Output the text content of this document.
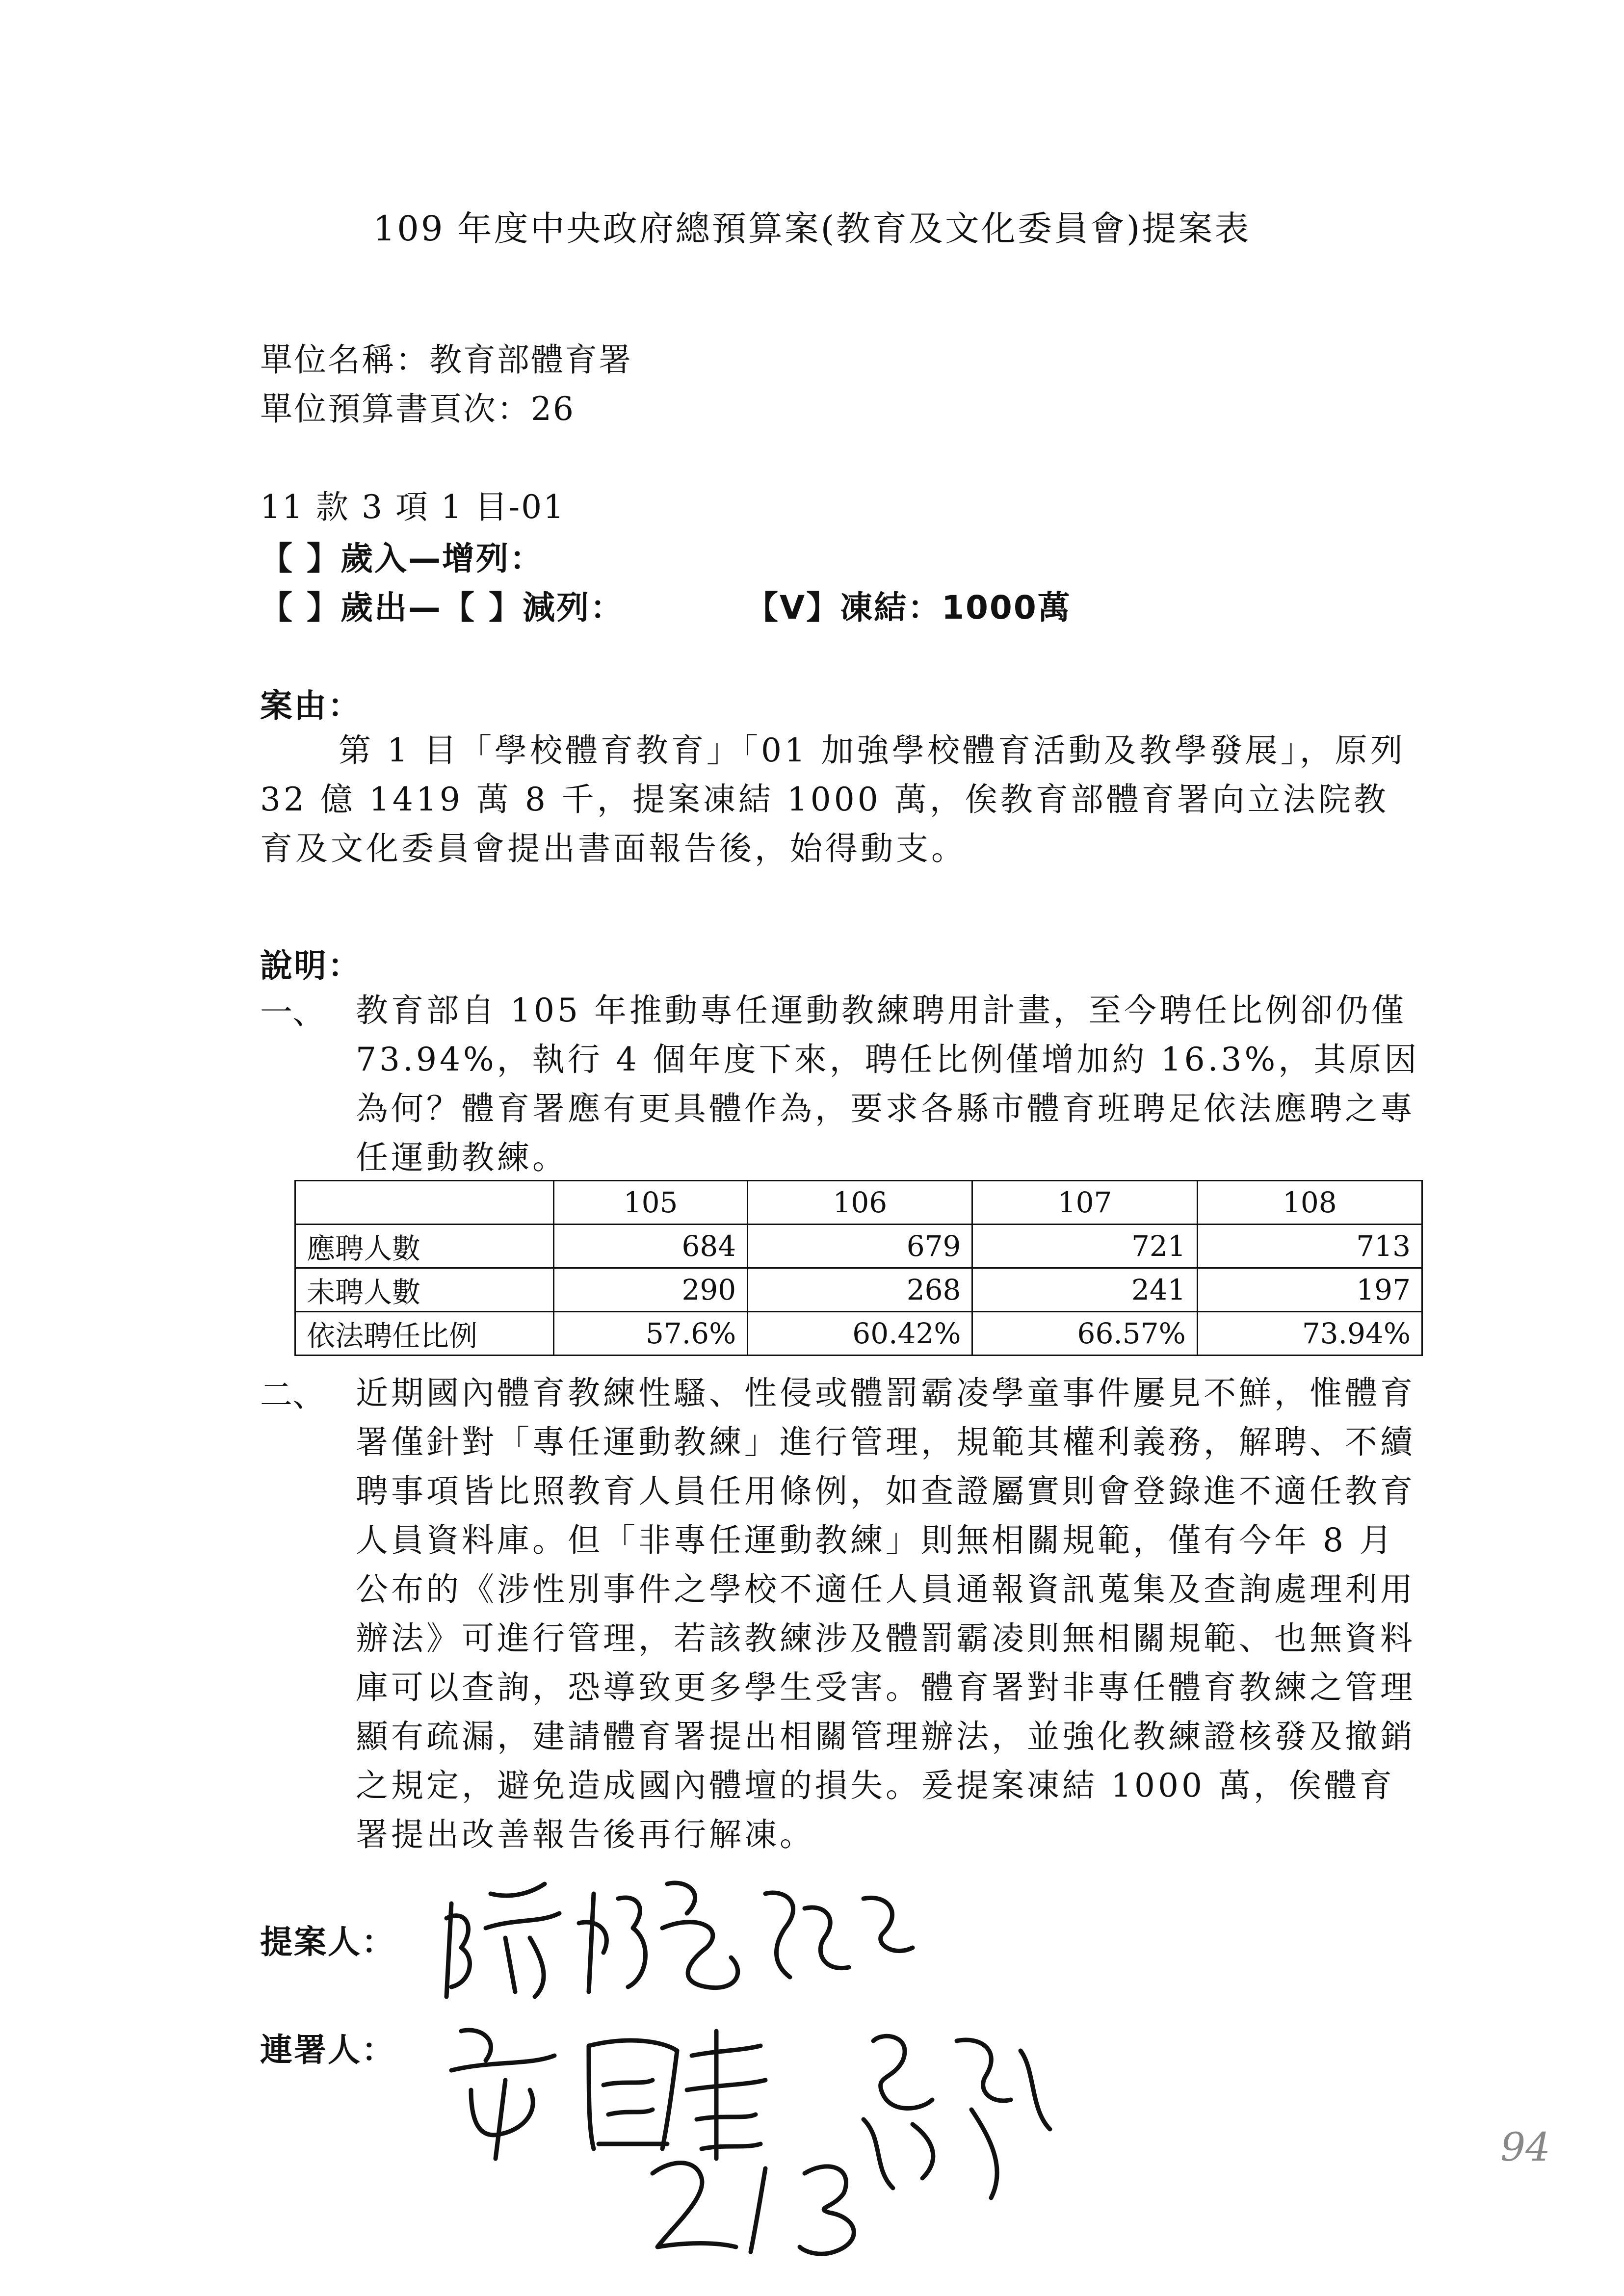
109 年度中央政府總預算案(教育及文化委員會)提案表
單位名稱：教育部體育署
單位預算書頁次：26
11 款 3 項 1 目-01
【 】歲入—增列：
【 】歲出—【 】減列：	【V】凍結：1000萬
案由：
第 1 目「學校體育教育」「01 加強學校體育活動及教學發展」，原列 32 億 1419 萬 8 千，提案凍結 1000 萬，俟教育部體育署向立法院教育及文化委員會提出書面報告後，始得動支。
說明：
一、 教育部自 105 年推動專任運動教練聘用計畫，至今聘任比例卻仍僅 73.94%，執行 4 個年度下來，聘任比例僅增加約 16.3%，其原因為何？體育署應有更具體作為，要求各縣市體育班聘足依法應聘之專任運動教練。
	105	106	107	108
應聘人數	684	679	721	713
未聘人數	290	268	241	197
依法聘任比例	57.6%	60.42%	66.57%	73.94%
二、 近期國內體育教練性騷、性侵或體罰霸凌學童事件屢見不鮮，惟體育署僅針對「專任運動教練」進行管理，規範其權利義務，解聘、不續聘事項皆比照教育人員任用條例，如查證屬實則會登錄進不適任教育人員資料庫。但「非專任運動教練」則無相關規範，僅有今年 8 月公布的《涉性別事件之學校不適任人員通報資訊蒐集及查詢處理利用辦法》可進行管理，若該教練涉及體罰霸凌則無相關規範、也無資料庫可以查詢，恐導致更多學生受害。體育署對非專任體育教練之管理顯有疏漏，建請體育署提出相關管理辦法，並強化教練證核發及撤銷之規定，避免造成國內體壇的損失。爰提案凍結 1000 萬，俟體育署提出改善報告後再行解凍。
提案人：
連署人：
94
